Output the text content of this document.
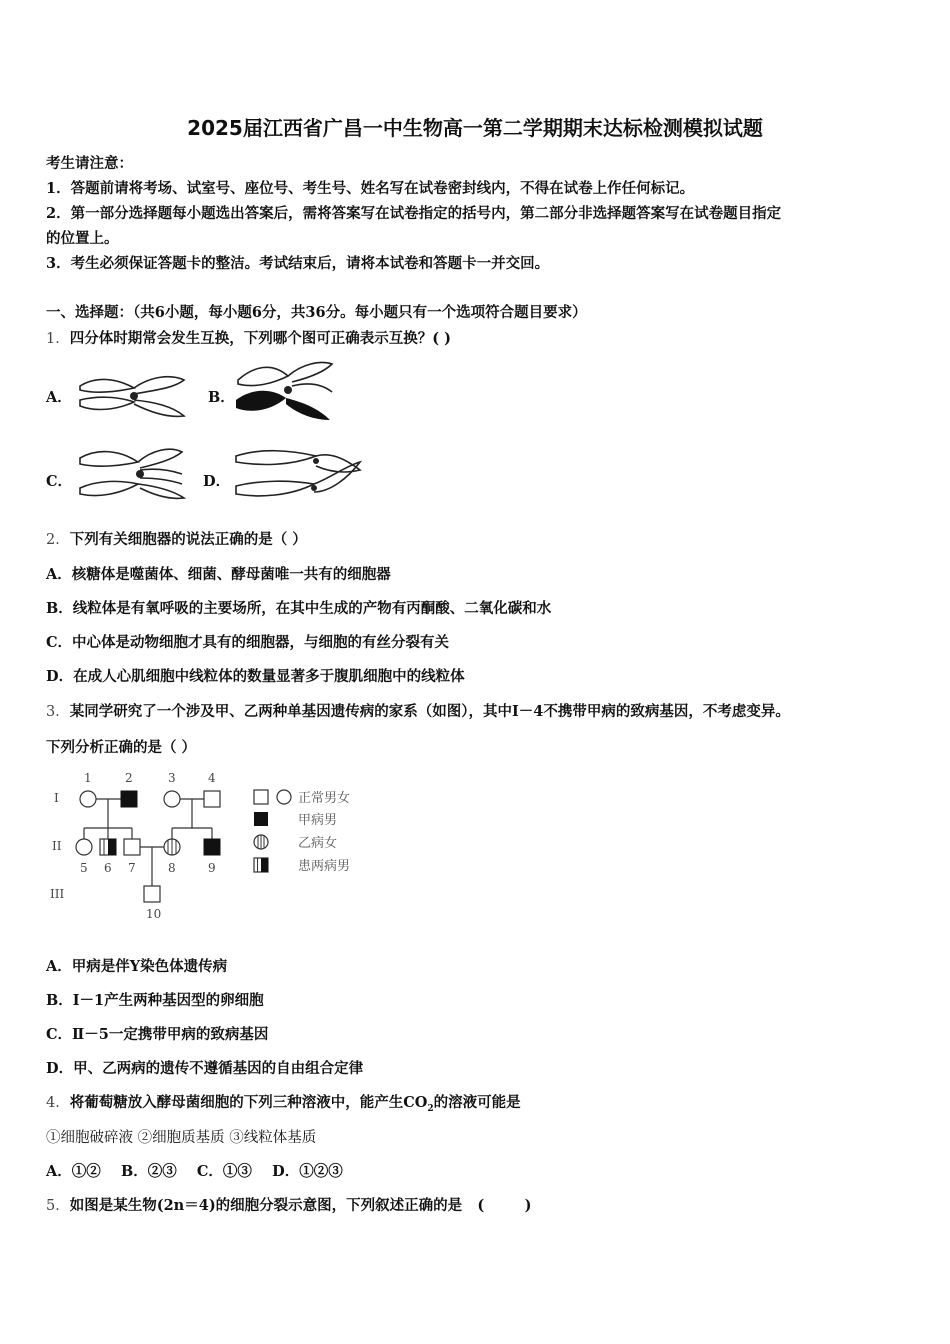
2025届江西省广昌一中生物高一第二学期期末达标检测模拟试题
考生请注意：
1．答题前请将考场、试室号、座位号、考生号、姓名写在试卷密封线内，不得在试卷上作任何标记。
2．第一部分选择题每小题选出答案后，需将答案写在试卷指定的括号内，第二部分非选择题答案写在试卷题目指定
的位置上。
3．考生必须保证答题卡的整洁。考试结束后，请将本试卷和答题卡一并交回。
一、选择题：（共6小题，每小题6分，共36分。每小题只有一个选项符合题目要求）
1．四分体时期常会发生互换，下列哪个图可正确表示互换？( )
A．	B．
C．	D．
2．下列有关细胞器的说法正确的是（ ）
A．核糖体是噬菌体、细菌、酵母菌唯一共有的细胞器
B．线粒体是有氧呼吸的主要场所，在其中生成的产物有丙酮酸、二氧化碳和水
C．中心体是动物细胞才具有的细胞器，与细胞的有丝分裂有关
D．在成人心肌细胞中线粒体的数量显著多于腹肌细胞中的线粒体
3．某同学研究了一个涉及甲、乙两种单基因遗传病的家系（如图），其中Ⅰ－4不携带甲病的致病基因，不考虑变异。
下列分析正确的是（ ）
I
II
III
1	2	3	4
5 6 7	8	9
10
正常男女
甲病男
乙病女
患两病男
A．甲病是伴Y染色体遗传病
B．Ⅰ－1产生两种基因型的卵细胞
C．Ⅱ－5一定携带甲病的致病基因
D．甲、乙两病的遗传不遵循基因的自由组合定律
4．将葡萄糖放入酵母菌细胞的下列三种溶液中，能产生$CO_2$的溶液可能是
①细胞破碎液 ②细胞质基质 ③线粒体基质
A．①②    B．②③    C．①③    D．①②③
5．如图是某生物(2n＝4)的细胞分裂示意图，下列叙述正确的是   (        )
